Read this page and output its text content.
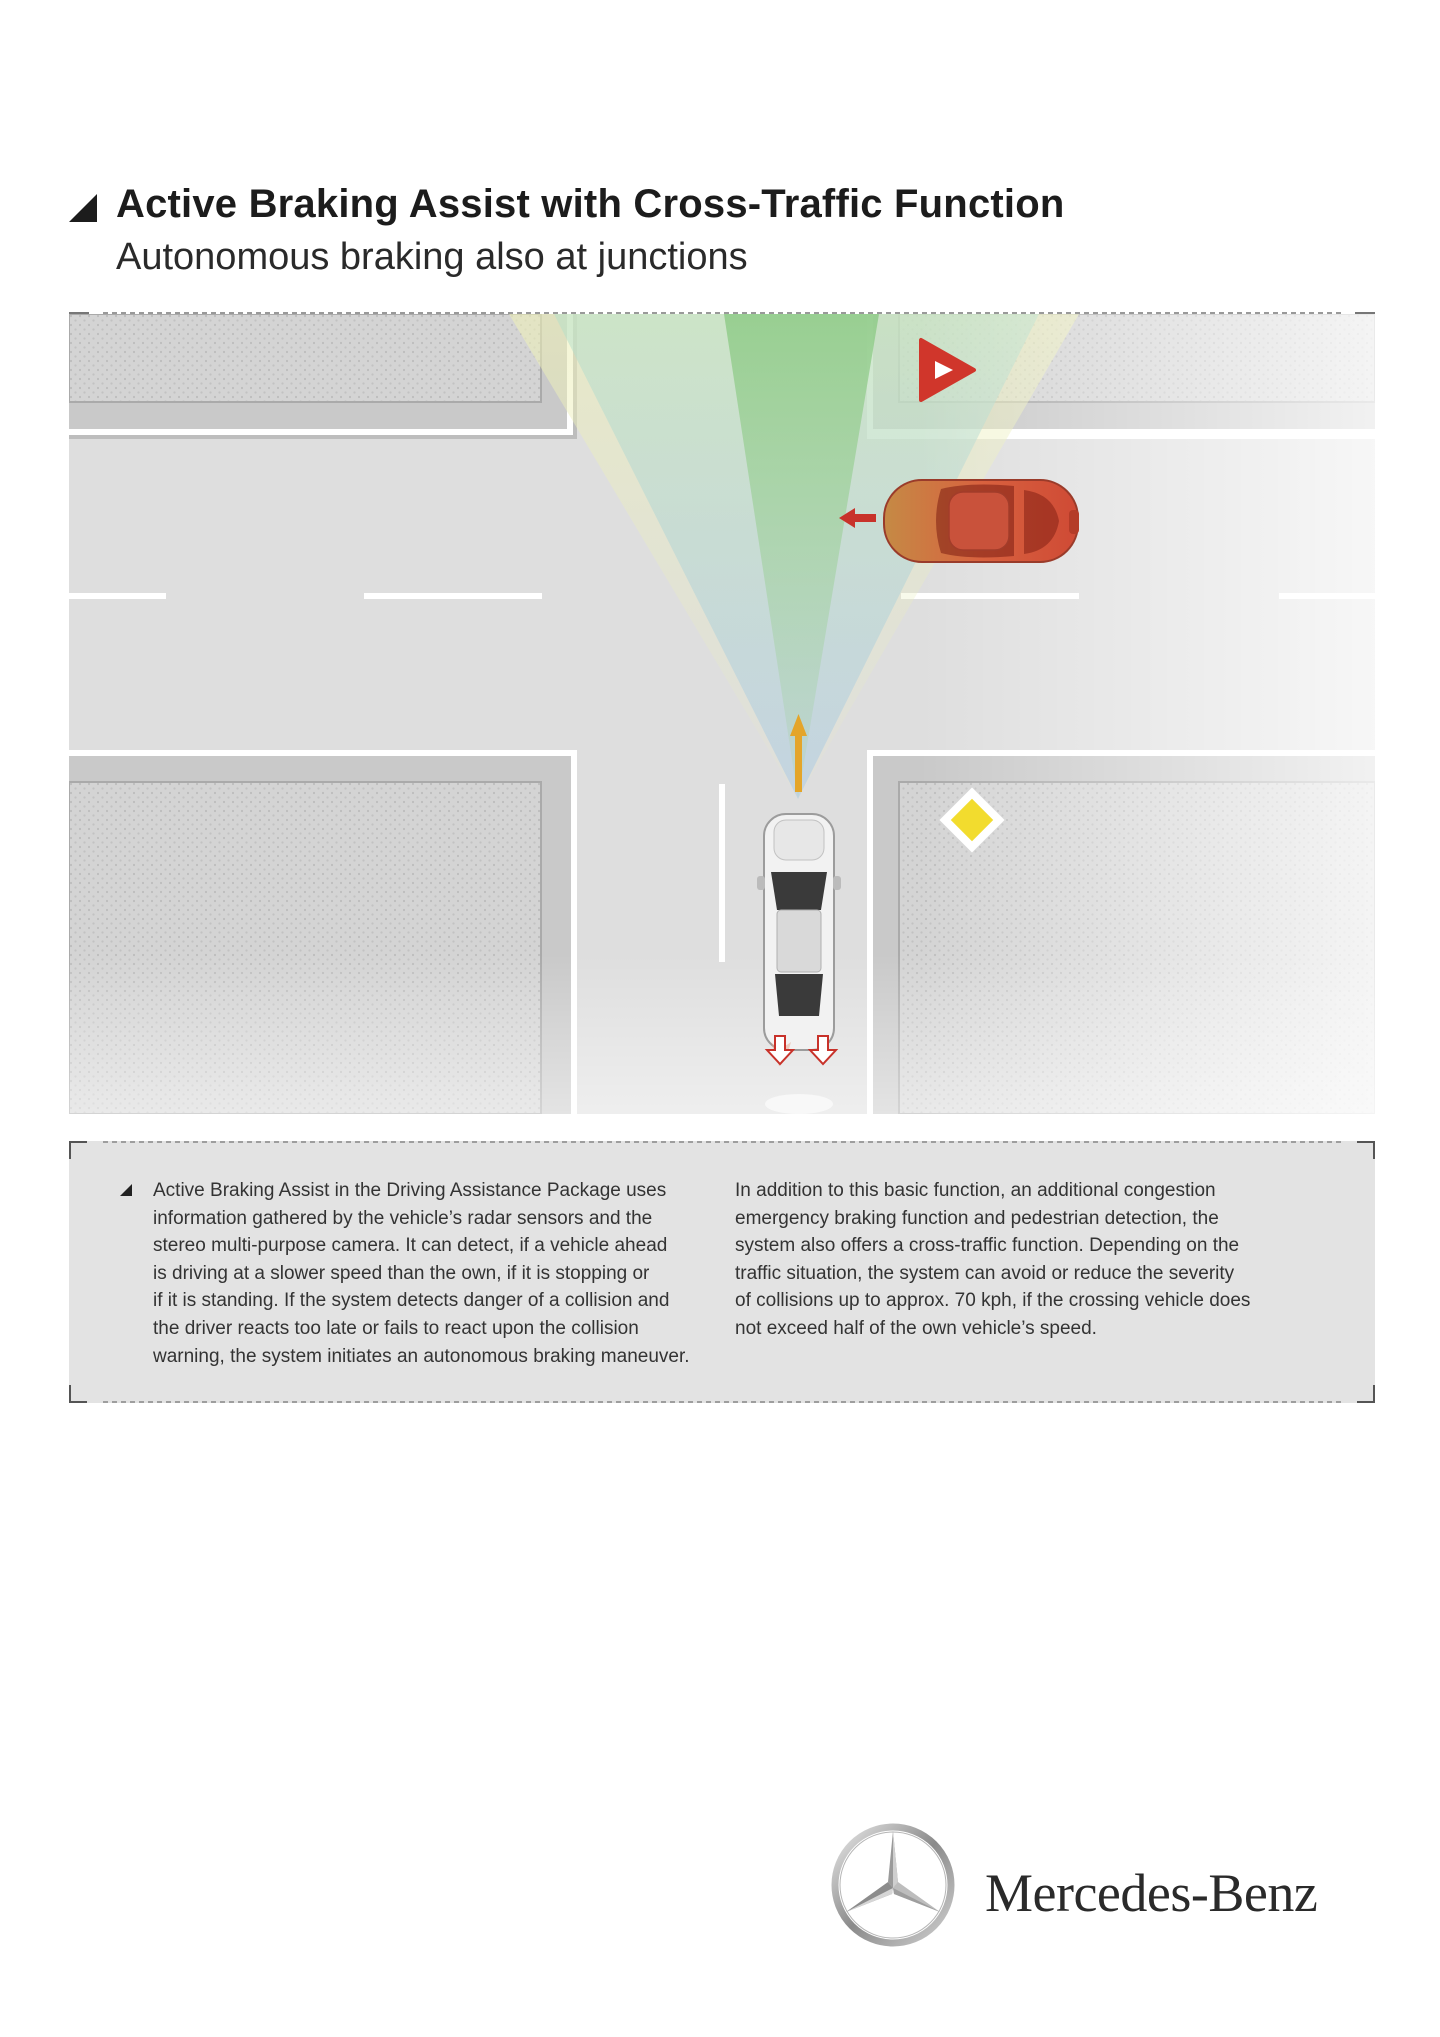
Active Braking Assist with Cross-Traffic Function
Autonomous braking also at junctions
Active Braking Assist in the Driving Assistance Package uses
information gathered by the vehicle’s radar sensors and the
stereo multi-purpose camera. It can detect, if a vehicle ahead
is driving at a slower speed than the own, if it is stopping or
if it is standing. If the system detects danger of a collision and
the driver reacts too late or fails to react upon the collision
warning, the system initiates an autonomous braking maneuver.
In addition to this basic function, an additional congestion
emergency braking function and pedestrian detection, the
system also offers a cross-traffic function. Depending on the
traffic situation, the system can avoid or reduce the severity
of collisions up to approx. 70 kph, if the crossing vehicle does
not exceed half of the own vehicle’s speed.
Mercedes-Benz
